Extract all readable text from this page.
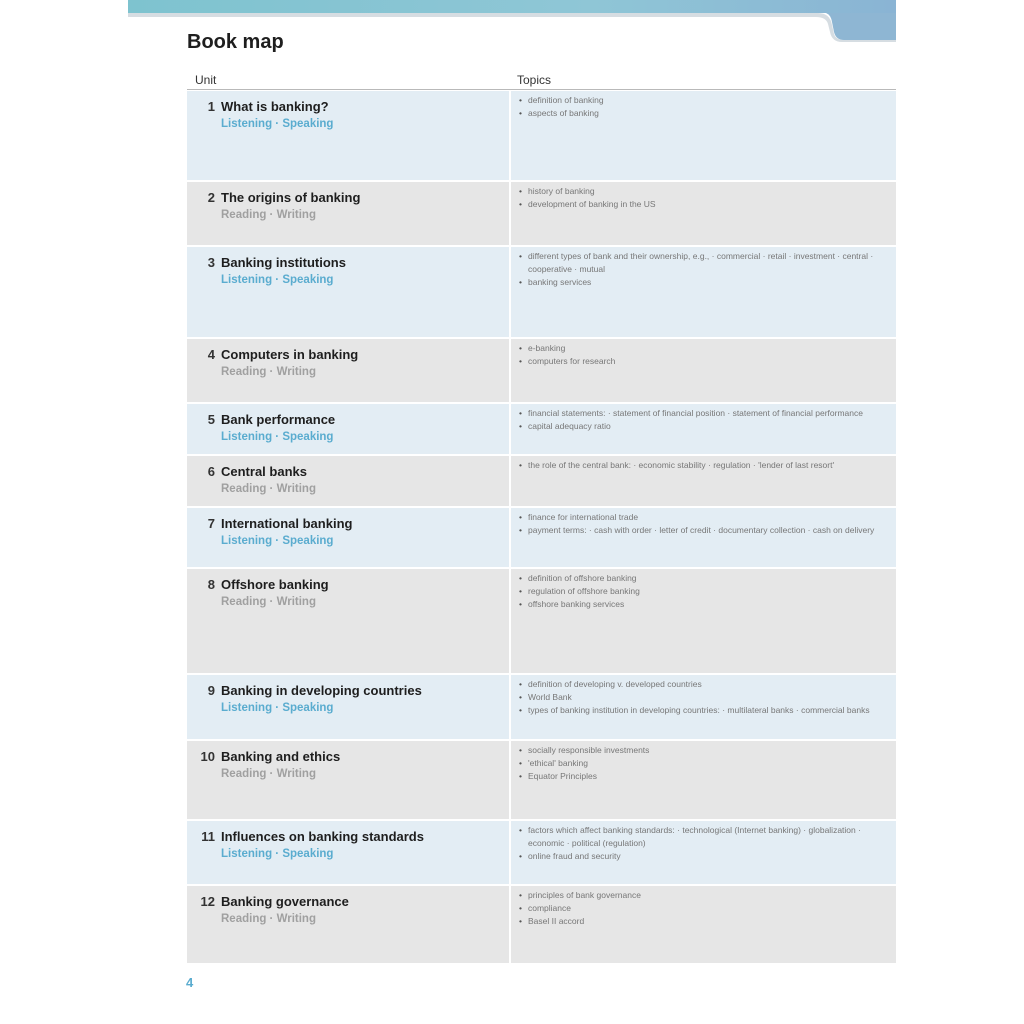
Book map
Unit	Topics
1 What is banking?
Listening · Speaking
• definition of banking
• aspects of banking
2 The origins of banking
Reading · Writing
• history of banking
• development of banking in the US
3 Banking institutions
Listening · Speaking
• different types of bank and their ownership, e.g., · commercial · retail · investment · central · cooperative · mutual
• banking services
4 Computers in banking
Reading · Writing
• e-banking
• computers for research
5 Bank performance
Listening · Speaking
• financial statements: · statement of financial position · statement of financial performance
• capital adequacy ratio
6 Central banks
Reading · Writing
• the role of the central bank: · economic stability · regulation · 'lender of last resort'
7 International banking
Listening · Speaking
• finance for international trade
• payment terms: · cash with order · letter of credit · documentary collection · cash on delivery
8 Offshore banking
Reading · Writing
• definition of offshore banking
• regulation of offshore banking
• offshore banking services
9 Banking in developing countries
Listening · Speaking
• definition of developing v. developed countries
• World Bank
• types of banking institution in developing countries: · multilateral banks · commercial banks
10 Banking and ethics
Reading · Writing
• socially responsible investments
• 'ethical' banking
• Equator Principles
11 Influences on banking standards
Listening · Speaking
• factors which affect banking standards: · technological (Internet banking) · globalization · economic · political (regulation)
• online fraud and security
12 Banking governance
Reading · Writing
• principles of bank governance
• compliance
• Basel II accord
4
